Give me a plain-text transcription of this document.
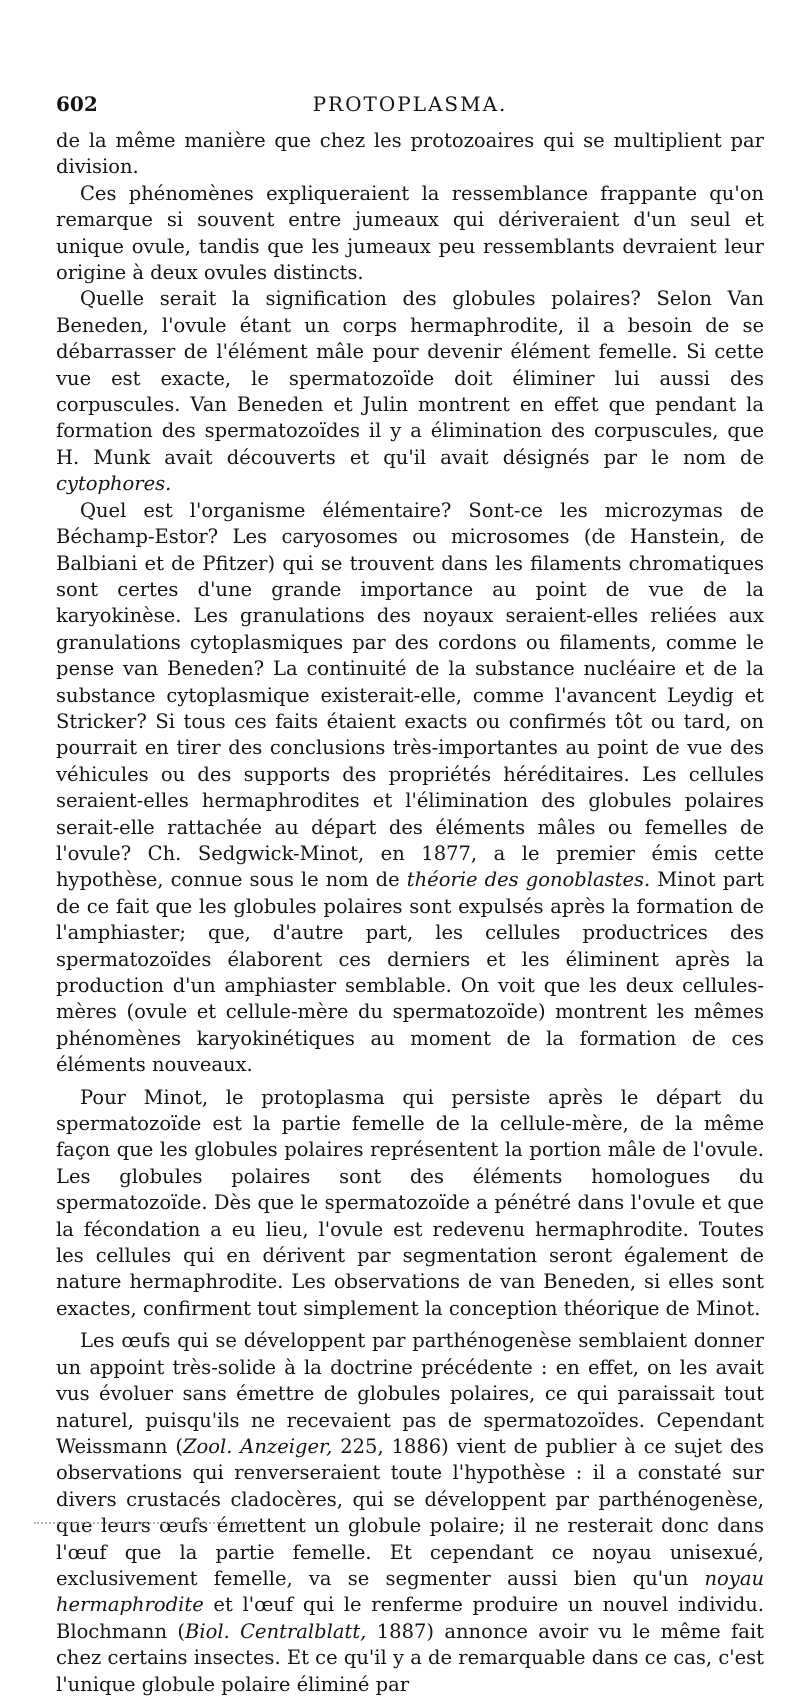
PROTOPLASMA.
602

de la même manière que chez les protozoaires qui se multiplient par division.

Ces phénomènes expliqueraient la ressemblance frappante qu'on remarque si souvent entre jumeaux qui dériveraient d'un seul et unique ovule, tandis que les jumeaux peu ressemblants devraient leur origine à deux ovules distincts.

Quelle serait la signification des globules polaires? Selon Van Beneden, l'ovule étant un corps hermaphrodite, il a besoin de se débarrasser de l'élément mâle pour devenir élément femelle. Si cette vue est exacte, le spermatozoïde doit éliminer lui aussi des corpuscules. Van Beneden et Julin montrent en effet que pendant la formation des spermatozoïdes il y a élimination des corpuscules, que H. Munk avait découverts et qu'il avait désignés par le nom de cytophores.

Quel est l'organisme élémentaire? Sont-ce les microzymas de Béchamp-Estor? Les caryosomes ou microsomes (de Hanstein, de Balbiani et de Pfitzer) qui se trouvent dans les filaments chromatiques sont certes d'une grande importance au point de vue de la karyokinèse. Les granulations des noyaux seraient-elles reliées aux granulations cytoplasmiques par des cordons ou filaments, comme le pense van Beneden? La continuité de la substance nucléaire et de la substance cytoplasmique existerait-elle, comme l'avancent Leydig et Stricker? Si tous ces faits étaient exacts ou confirmés tôt ou tard, on pourrait en tirer des conclusions très-importantes au point de vue des véhicules ou des supports des propriétés héréditaires. Les cellules seraient-elles hermaphrodites et l'élimination des globules polaires serait-elle rattachée au départ des éléments mâles ou femelles de l'ovule? Ch. Sedgwick-Minot, en 1877, a le premier émis cette hypothèse, connue sous le nom de théorie des gonoblastes. Minot part de ce fait que les globules polaires sont expulsés après la formation de l'amphiaster; que, d'autre part, les cellules productrices des spermatozoïdes élaborent ces derniers et les éliminent après la production d'un amphiaster semblable. On voit que les deux cellules-mères (ovule et cellule-mère du spermatozoïde) montrent les mêmes phénomènes karyokinétiques au moment de la formation de ces éléments nouveaux.

Pour Minot, le protoplasma qui persiste après le départ du spermatozoïde est la partie femelle de la cellule-mère, de la même façon que les globules polaires représentent la portion mâle de l'ovule. Les globules polaires sont des éléments homologues du spermatozoïde. Dès que le spermatozoïde a pénétré dans l'ovule et que la fécondation a eu lieu, l'ovule est redevenu hermaphrodite. Toutes les cellules qui en dérivent par segmentation seront également de nature hermaphrodite. Les observations de van Beneden, si elles sont exactes, confirment tout simplement la conception théorique de Minot.

Les œufs qui se développent par parthénogenèse semblaient donner un appoint très-solide à la doctrine précédente : en effet, on les avait vus évoluer sans émettre de globules polaires, ce qui paraissait tout naturel, puisqu'ils ne recevaient pas de spermatozoïdes. Cependant Weissmann (Zool. Anzeiger, 225, 1886) vient de publier à ce sujet des observations qui renverseraient toute l'hypothèse : il a constaté sur divers crustacés cladocères, qui se développent par parthénogenèse, que leurs œufs émettent un globule polaire; il ne resterait donc dans l'œuf que la partie femelle. Et cependant ce noyau unisexué, exclusivement femelle, va se segmenter aussi bien qu'un noyau hermaphrodite et l'œuf qui le renferme produire un nouvel individu. Blochmann (Biol. Centralblatt, 1887) annonce avoir vu le même fait chez certains insectes. Et ce qu'il y a de remarquable dans ce cas, c'est l'unique globule polaire éliminé par
